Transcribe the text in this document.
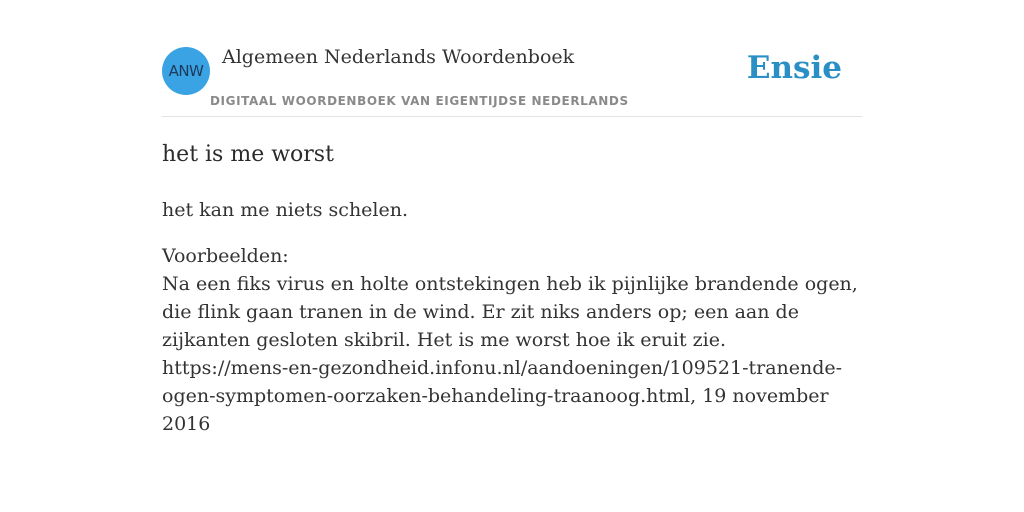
ANW
Algemeen Nederlands Woordenboek
DIGITAAL WOORDENBOEK VAN EIGENTIJDSE NEDERLANDS
Ensie
het is me worst

het kan me niets schelen.

Voorbeelden:
Na een fiks virus en holte ontstekingen heb ik pijnlijke brandende ogen, die flink gaan tranen in de wind. Er zit niks anders op; een aan de zijkanten gesloten skibril. Het is me worst hoe ik eruit zie.
https://mens-en-gezondheid.infonu.nl/aandoeningen/109521-tranende-ogen-symptomen-oorzaken-behandeling-traanoog.html, 19 november 2016
